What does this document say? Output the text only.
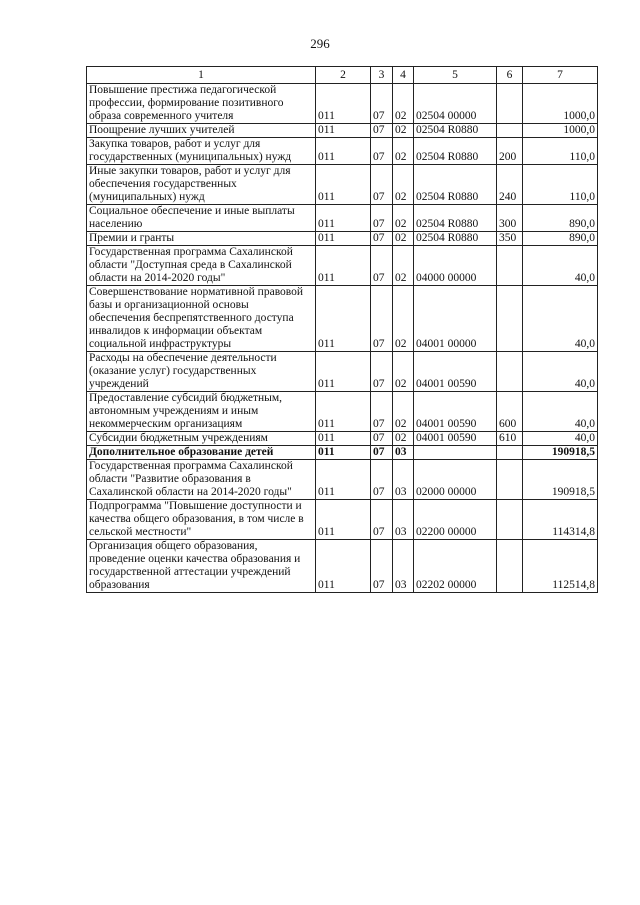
296
1	2	3	4	5	6	7
Повышение престижа педагогической профессии, формирование позитивного образа современного учителя	011	07	02	02504 00000		1000,0
Поощрение лучших учителей	011	07	02	02504 R0880		1000,0
Закупка товаров, работ и услуг для государственных (муниципальных) нужд	011	07	02	02504 R0880	200	110,0
Иные закупки товаров, работ и услуг для обеспечения государственных (муниципальных) нужд	011	07	02	02504 R0880	240	110,0
Социальное обеспечение и иные выплаты населению	011	07	02	02504 R0880	300	890,0
Премии и гранты	011	07	02	02504 R0880	350	890,0
Государственная программа Сахалинской области "Доступная среда в Сахалинской области на 2014-2020 годы"	011	07	02	04000 00000		40,0
Совершенствование нормативной правовой базы и организационной основы обеспечения беспрепятственного доступа инвалидов к информации объектам социальной инфраструктуры	011	07	02	04001 00000		40,0
Расходы на обеспечение деятельности (оказание услуг) государственных учреждений	011	07	02	04001 00590		40,0
Предоставление субсидий бюджетным, автономным учреждениям и иным некоммерческим организациям	011	07	02	04001 00590	600	40,0
Субсидии бюджетным учреждениям	011	07	02	04001 00590	610	40,0
Дополнительное образование детей	011	07	03			190918,5
Государственная программа Сахалинской области "Развитие образования в Сахалинской области на 2014-2020 годы"	011	07	03	02000 00000		190918,5
Подпрограмма "Повышение доступности и качества общего образования, в том числе в сельской местности"	011	07	03	02200 00000		114314,8
Организация общего образования, проведение оценки качества образования и государственной аттестации учреждений образования	011	07	03	02202 00000		112514,8
